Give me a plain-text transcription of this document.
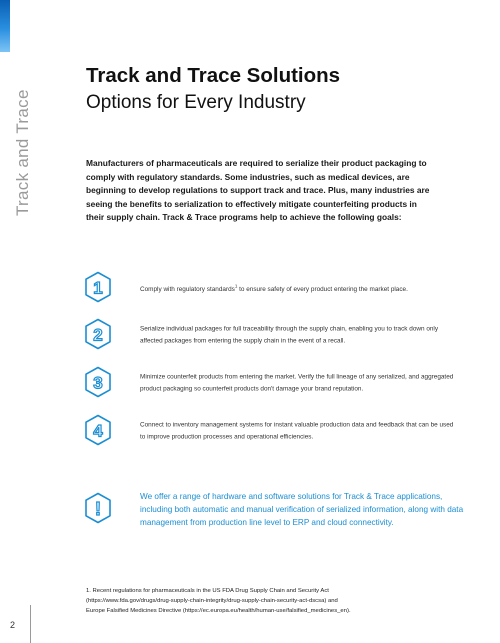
Track and Trace
2
Track and Trace Solutions
Options for Every Industry

Manufacturers of pharmaceuticals are required to serialize their product packaging to comply with regulatory standards. Some industries, such as medical devices, are beginning to develop regulations to support track and trace. Plus, many industries are seeing the benefits to serialization to effectively mitigate counterfeiting products in their supply chain. Track & Trace programs help to achieve the following goals:

1	Comply with regulatory standards$^1$ to ensure safety of every product entering the market place.

2	Serialize individual packages for full traceability through the supply chain, enabling you to track down only affected packages from entering the supply chain in the event of a recall.

3	Minimize counterfeit products from entering the market. Verify the full lineage of any serialized, and aggregated product packaging so counterfeit products don't damage your brand reputation.

4	Connect to inventory management systems for instant valuable production data and feedback that can be used to improve production processes and operational efficiencies.

!

We offer a range of hardware and software solutions for Track & Trace applications, including both automatic and manual verification of serialized information, along with data management from production line level to ERP and cloud connectivity.

1. Recent regulations for pharmaceuticals in the US FDA Drug Supply Chain and Security Act
(https://www.fda.gov/drugs/drug-supply-chain-integrity/drug-supply-chain-security-act-dscsa) and
Europe Falsified Medicines Directive (https://ec.europa.eu/health/human-use/falsified_medicines_en).
